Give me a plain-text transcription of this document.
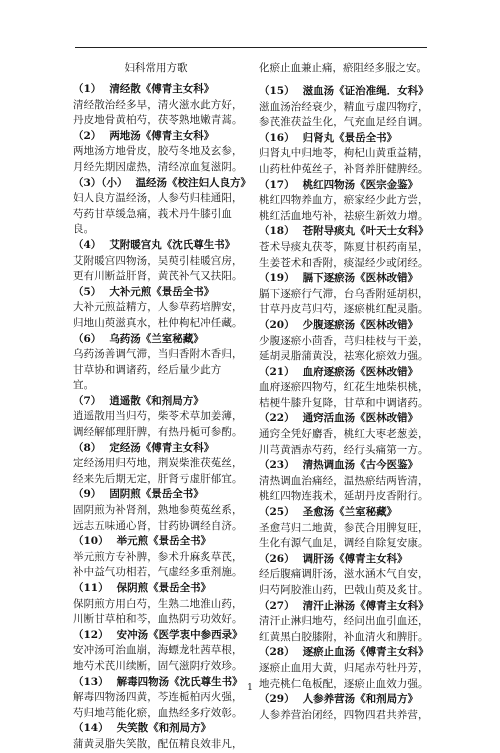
妇科常用方歌
（1） 清经散《傅青主女科》
清经散治经多早，清火滋水此方好，
丹皮地骨黄柏芍，茯苓熟地嫩青蒿。
（2） 两地汤《傅青主女科》
两地汤方地骨皮，胶芍冬地及玄参，
月经先期因虚热，清经凉血复滋阴。
（3）（小） 温经汤《校注妇人良方》
妇人良方温经汤，人参芍归桂通阳，
芍药甘草缓急痛，莪术丹牛膝引血良。
（4） 艾附暖宫丸《沈氏尊生书》
艾附暖宫四物汤，吴萸引桂暖宫房，
更有川断益肝肾，黄芪补气又扶阳。
（5） 大补元煎《景岳全书》
大补元煎益精方，人参草药培脾安，
归地山萸滋真水，杜仲枸杞冲任藏。
（6） 乌药汤《兰室秘藏》
乌药汤善调气滞，当归香附木香归，
甘草协和调诸药，经后量少此方
宜。
（7） 逍遥散《和剂局方》
逍遥散用当归芍，柴苓术草加姜薄，
调经解郁理肝脾，有热丹栀可参酌。
（8） 定经汤《傅青主女科》
定经汤用归芍地，荆炭柴淮茯菟丝，
经来先后期无定，肝肾亏虚肝郁宜。
（9） 固阴煎《景岳全书》
固阴煎为补肾剂，熟地参萸菟丝系，
远志五味通心肾，甘药协调经自济。
（10） 举元煎《景岳全书》
举元煎方专补脾，参术升麻炙草芪，
补中益气功相若，气虚经多重剂施。
（11） 保阴煎《景岳全书》
保阴煎方用白芍，生熟二地淮山药，
川断甘草柏和芩，血热阴亏功效好。
（12） 安冲汤《医学衷中参西录》
安冲汤可治血崩，海螵龙牡茜草根，
地芍术芪川续断，固气滋阴疗效珍。
（13） 解毒四物汤《沈氏尊生书》
解毒四物汤四黄，芩连栀柏丙火强，
芍归地芎能化瘀，血热经多疗效彰。
（14） 失笑散《和剂局方》
蒲黄灵脂失笑散，配伍精良效非凡，
化瘀止血兼止痛，瘀阻经多服之安。
（15） 滋血汤《证治准绳．女科》
滋血汤治经衰少，精血亏虚四物疗，
参芪淮茯益生化，气充血足经自调。
（16） 归肾丸《景岳全书》
归肾丸中归地苓，枸杞山黄重益精，
山药杜仲菟丝子，补肾养肝健脾经。
（17） 桃红四物汤《医宗金鉴》
桃红四物养血方，瘀家经少此方尝，
桃红活血地芍补，祛瘀生新效力增。
（18） 苍附导痰丸《叶天士女科》
苍术导痰丸茯苓，陈夏甘枳药南星，
生姜苍术和香附，痰湿经少或闭经。
（19） 膈下逐瘀汤《医林改错》
膈下逐瘀行气滞，台乌香附延胡枳，
甘草丹皮芎归芍，逐瘀桃红配灵脂。
（20） 少腹逐瘀汤《医林改错》
少腹逐瘀小茴香，芎归桂枝与干姜，
延胡灵脂蒲黄没，祛寒化瘀效力强。
（21） 血府逐瘀汤《医林改错》
血府逐瘀四物芍，红花生地柴枳桃，
桔梗牛膝升复降，甘草和中调诸药。
（22） 通窍活血汤《医林改错》
通窍全凭好麝香，桃红大枣老葱姜，
川芎黄酒赤芍药，经行头痛第一方。
（23） 清热调血汤《古今医鉴》
清热调血治痛经，温热瘀结两皆清，
桃红四物连莪术，延胡丹皮香附行。
（25） 圣愈汤《兰室秘藏》
圣愈芎归二地黄，参芪合用脾复旺，
生化有源气血足，调经自除复安康。
（26） 调肝汤《傅青主女科》
经后腹痛调肝汤，滋水涵木气自安，
归芍阿胶淮山药，巴戟山萸及炙甘。
（27） 清汗止淋汤《傅青主女科》
清汗止淋归地芍，经问出血引血还，
红黄黑白胶膝附，补血清火和脾肝。
（28） 逐瘀止血汤《傅青主女科》
逐瘀止血用大黄，归尾赤芍牡丹芳，
地壳桃仁龟板配，逐瘀止血效力强。
（29） 人参养营汤《和剂局方》
人参养营治闭经，四物四君共养营，
1
